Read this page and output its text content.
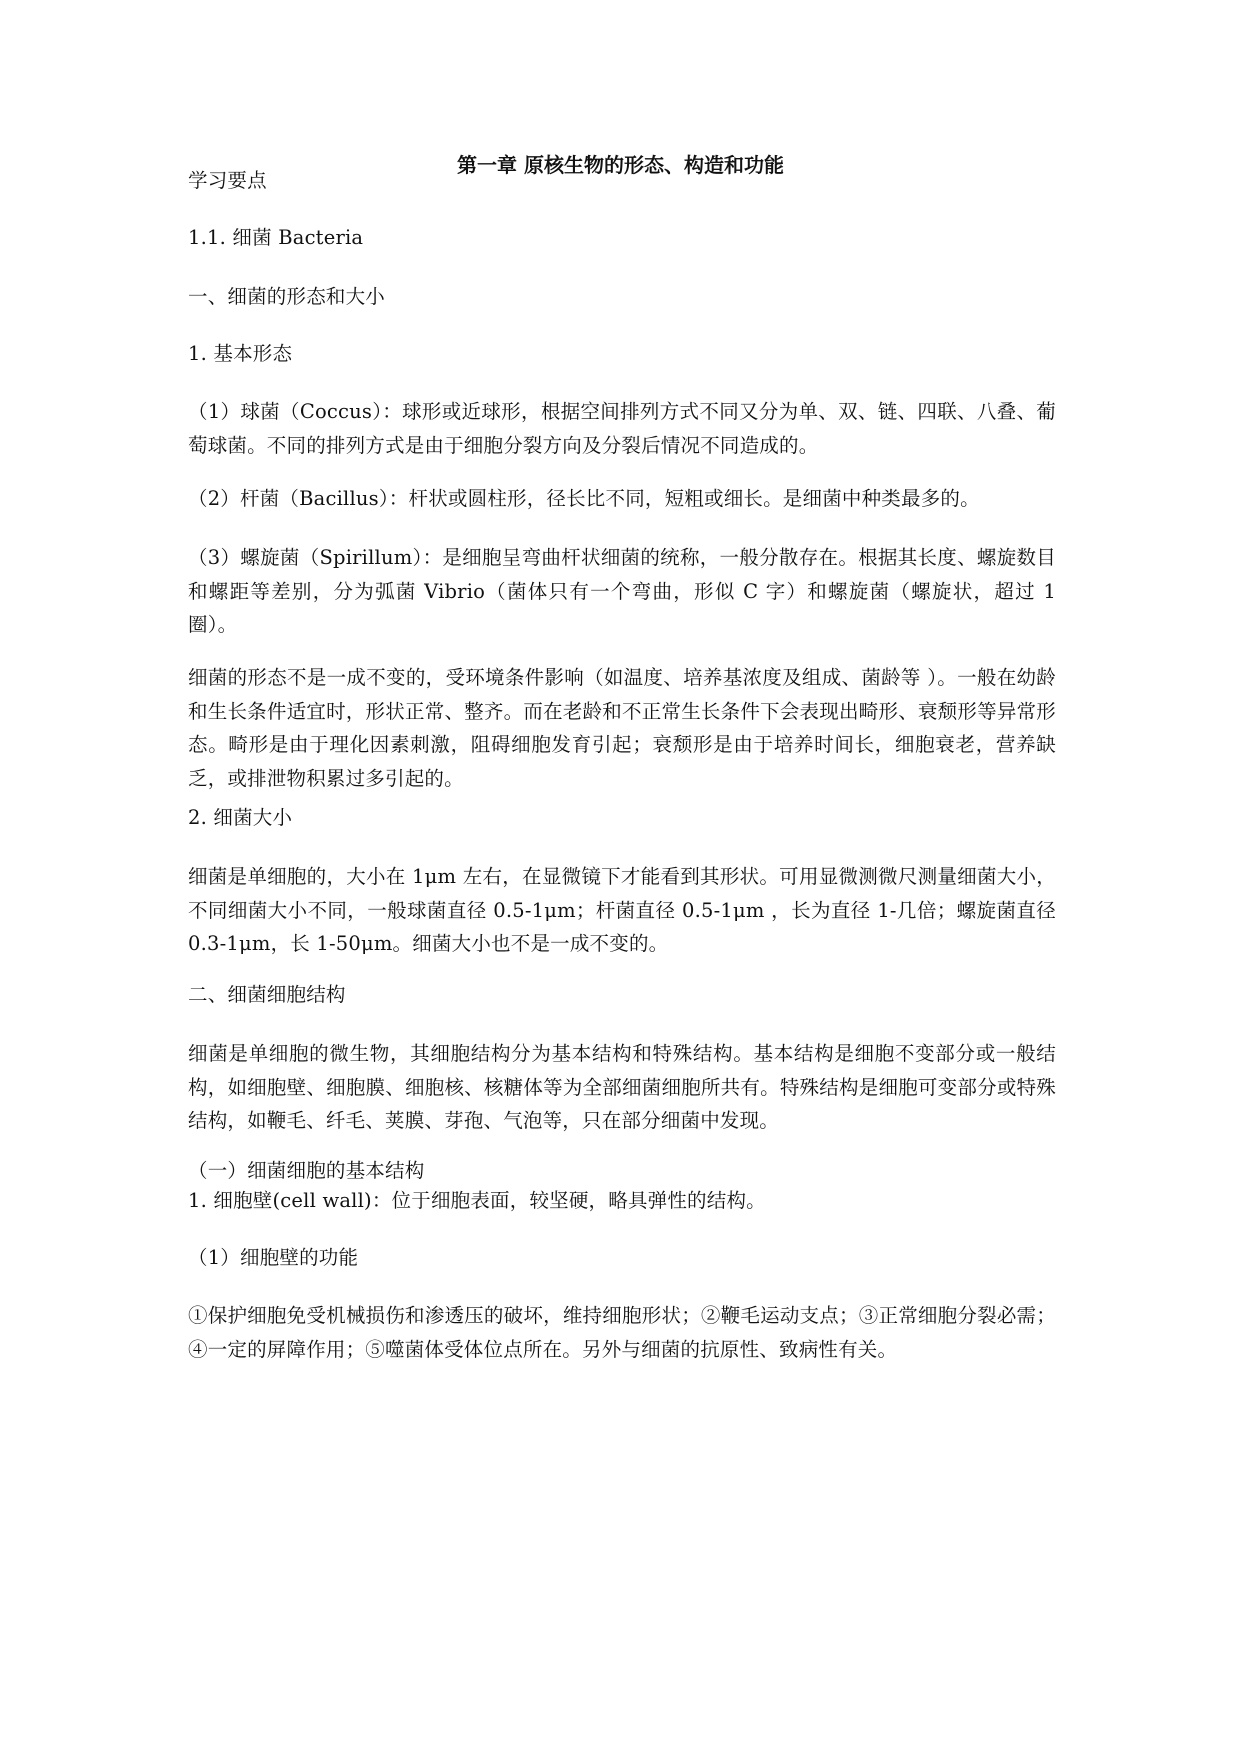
第一章 原核生物的形态、构造和功能
学习要点
1.1. 细菌 Bacteria
一、细菌的形态和大小
1. 基本形态
（1）球菌（Coccus）：球形或近球形，根据空间排列方式不同又分为单、双、链、四联、八叠、葡萄球菌。不同的排列方式是由于细胞分裂方向及分裂后情况不同造成的。
（2）杆菌（Bacillus）：杆状或圆柱形，径长比不同，短粗或细长。是细菌中种类最多的。
（3）螺旋菌（Spirillum）：是细胞呈弯曲杆状细菌的统称，一般分散存在。根据其长度、螺旋数目和螺距等差别，分为弧菌 Vibrio（菌体只有一个弯曲，形似 C 字）和螺旋菌（螺旋状，超过 1 圈）。
细菌的形态不是一成不变的，受环境条件影响（如温度、培养基浓度及组成、菌龄等 ）。一般在幼龄和生长条件适宜时，形状正常、整齐。而在老龄和不正常生长条件下会表现出畸形、衰颓形等异常形态。畸形是由于理化因素刺激，阻碍细胞发育引起；衰颓形是由于培养时间长，细胞衰老，营养缺乏，或排泄物积累过多引起的。
2. 细菌大小
细菌是单细胞的，大小在 1μm 左右，在显微镜下才能看到其形状。可用显微测微尺测量细菌大小，不同细菌大小不同，一般球菌直径 0.5-1μm；杆菌直径 0.5-1μm ，长为直径 1-几倍；螺旋菌直径 0.3-1μm，长 1-50μm。细菌大小也不是一成不变的。
二、细菌细胞结构
细菌是单细胞的微生物，其细胞结构分为基本结构和特殊结构。基本结构是细胞不变部分或一般结构，如细胞壁、细胞膜、细胞核、核糖体等为全部细菌细胞所共有。特殊结构是细胞可变部分或特殊结构，如鞭毛、纤毛、荚膜、芽孢、气泡等，只在部分细菌中发现。
（一）细菌细胞的基本结构
1. 细胞壁(cell wall)：位于细胞表面，较坚硬，略具弹性的结构。
（1）细胞壁的功能
①保护细胞免受机械损伤和渗透压的破坏，维持细胞形状；②鞭毛运动支点；③正常细胞分裂必需；④一定的屏障作用；⑤噬菌体受体位点所在。另外与细菌的抗原性、致病性有关。
